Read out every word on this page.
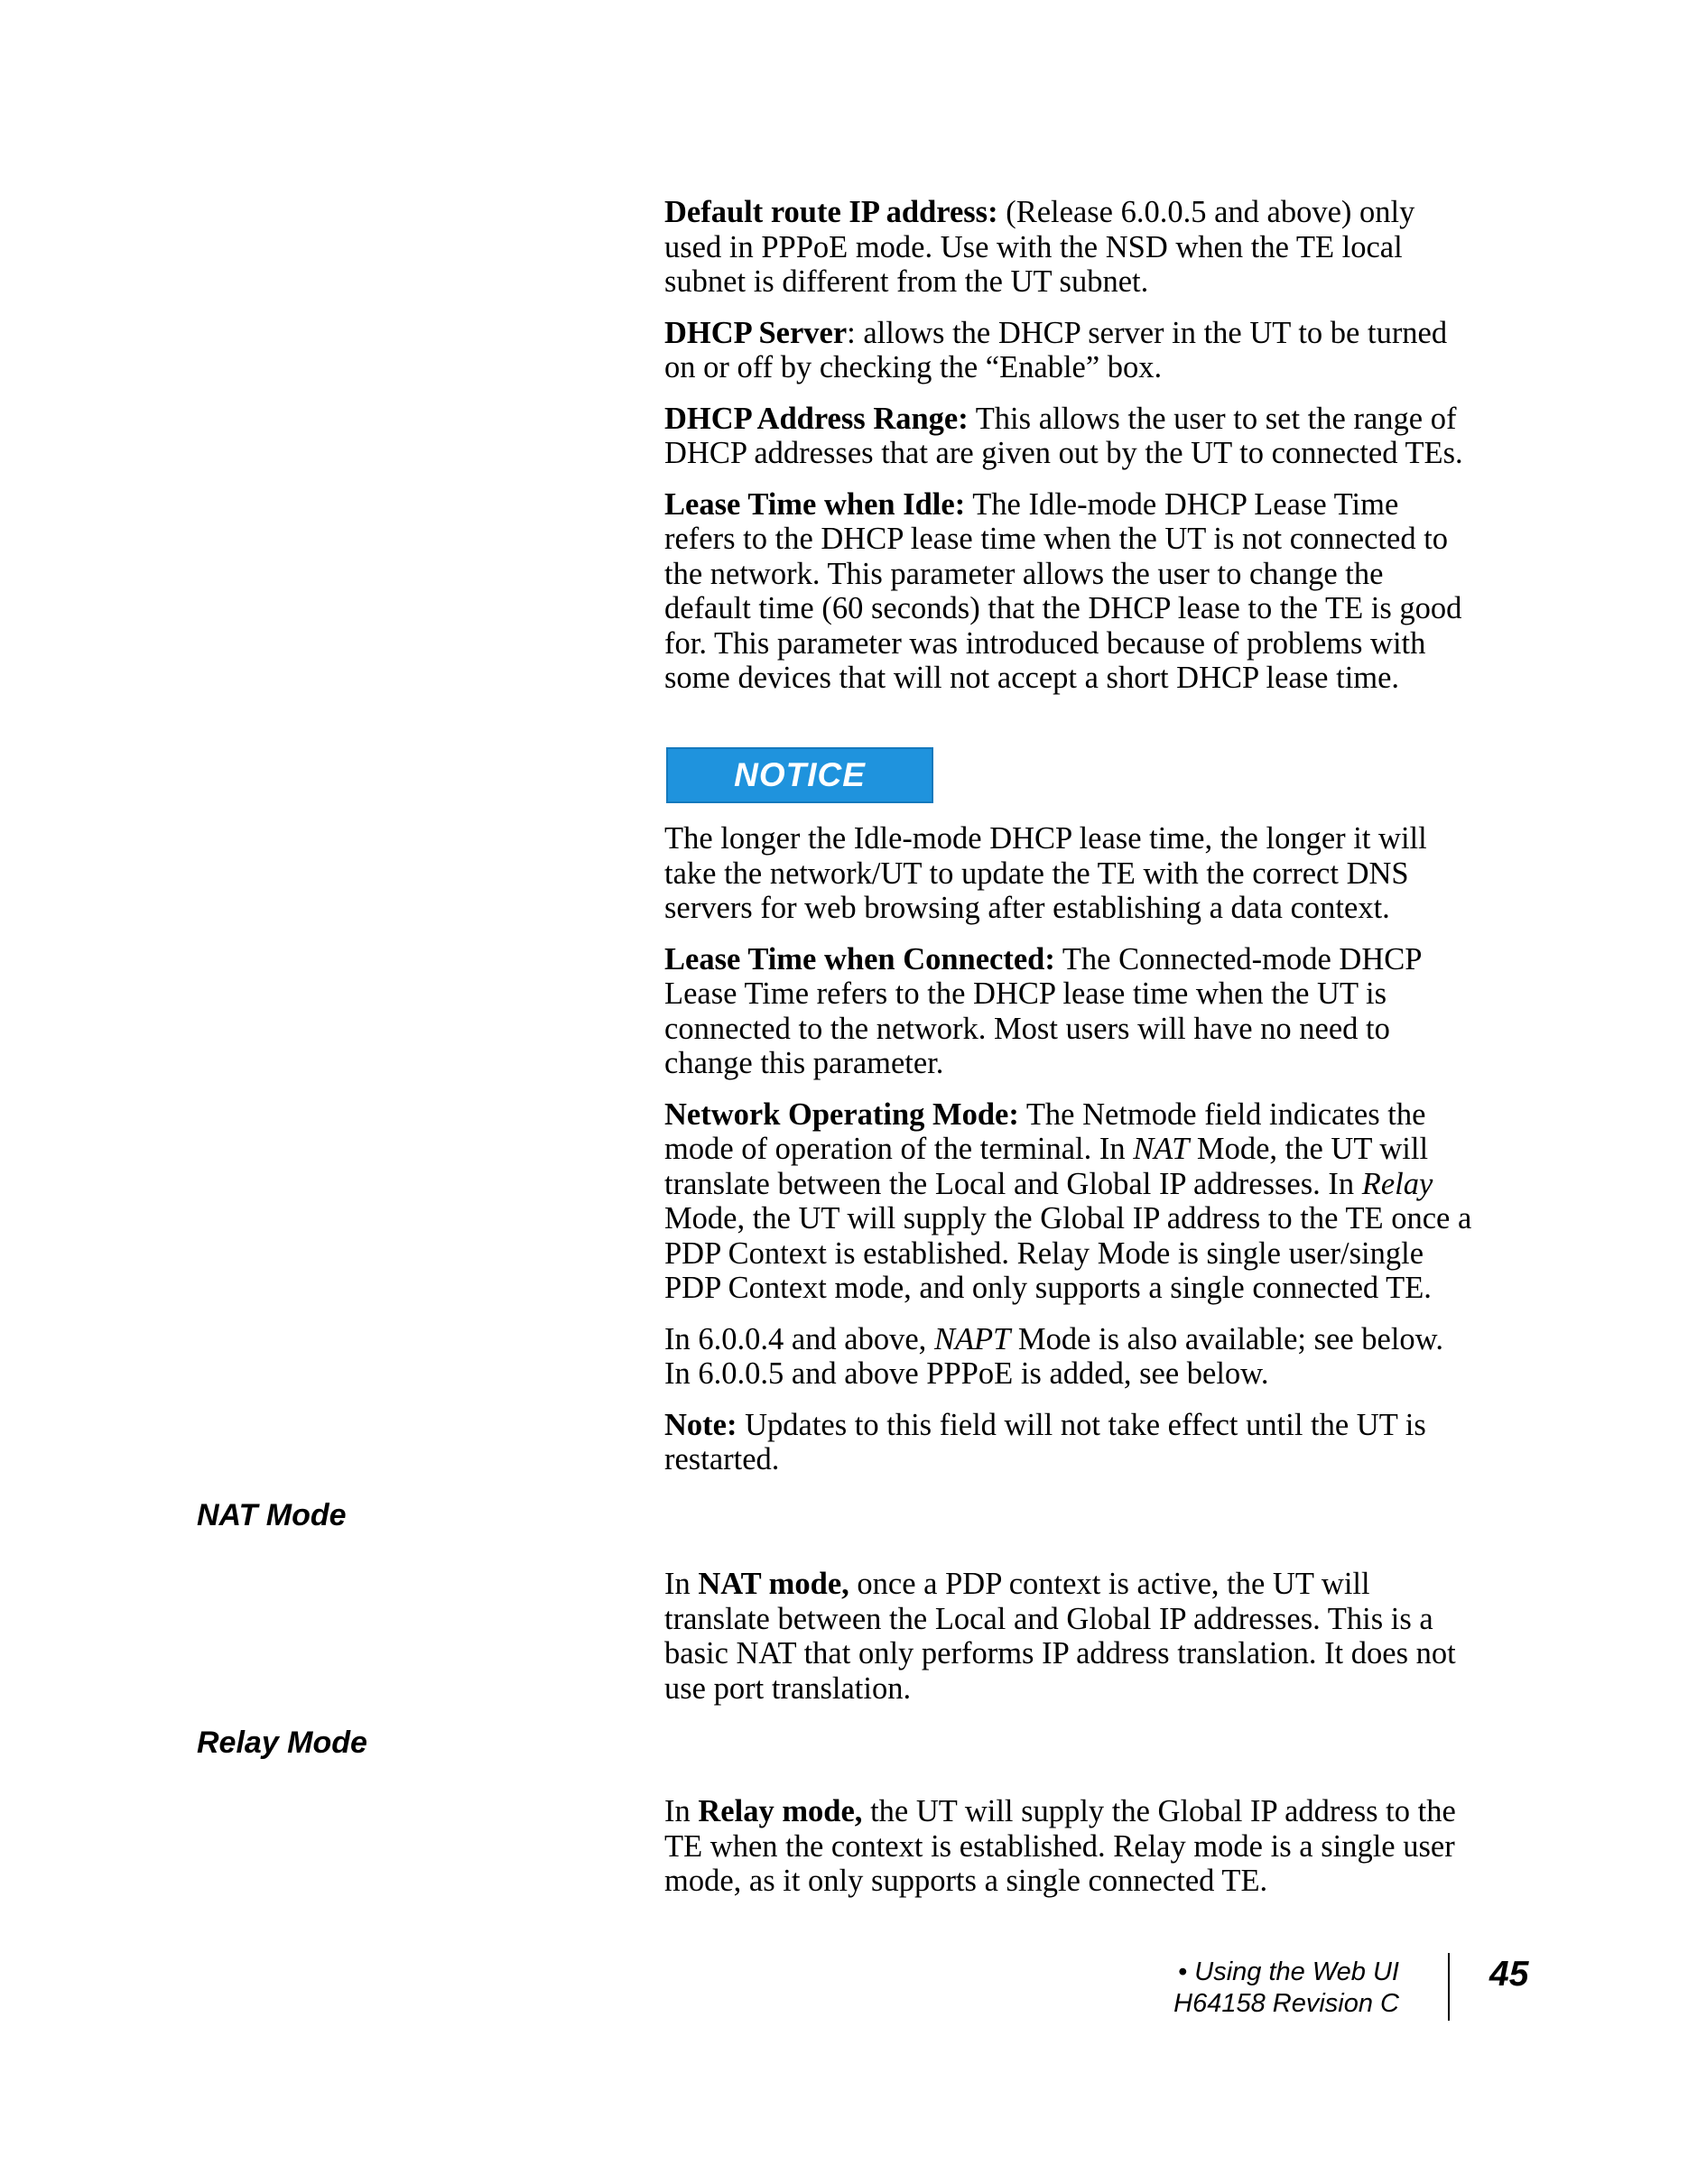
Default route IP address: (Release 6.0.0.5 and above) only used in PPPoE mode. Use with the NSD when the TE local subnet is different from the UT subnet.

DHCP Server: allows the DHCP server in the UT to be turned on or off by checking the “Enable” box.

DHCP Address Range: This allows the user to set the range of DHCP addresses that are given out by the UT to connected TEs.

Lease Time when Idle: The Idle-mode DHCP Lease Time refers to the DHCP lease time when the UT is not connected to the network. This parameter allows the user to change the default time (60 seconds) that the DHCP lease to the TE is good for. This parameter was introduced because of problems with some devices that will not accept a short DHCP lease time.

NOTICE

The longer the Idle-mode DHCP lease time, the longer it will take the network/UT to update the TE with the correct DNS servers for web browsing after establishing a data context.

Lease Time when Connected: The Connected-mode DHCP Lease Time refers to the DHCP lease time when the UT is connected to the network. Most users will have no need to change this parameter.

Network Operating Mode: The Netmode field indicates the mode of operation of the terminal. In NAT Mode, the UT will translate between the Local and Global IP addresses. In Relay Mode, the UT will supply the Global IP address to the TE once a PDP Context is established. Relay Mode is single user/single PDP Context mode, and only supports a single connected TE.

In 6.0.0.4 and above, NAPT Mode is also available; see below. In 6.0.0.5 and above PPPoE is added, see below.

Note: Updates to this field will not take effect until the UT is restarted.

NAT Mode

In NAT mode, once a PDP context is active, the UT will translate between the Local and Global IP addresses. This is a basic NAT that only performs IP address translation. It does not use port translation.

Relay Mode

In Relay mode, the UT will supply the Global IP address to the TE when the context is established. Relay mode is a single user mode, as it only supports a single connected TE.

• Using the Web UI
H64158 Revision C
45
